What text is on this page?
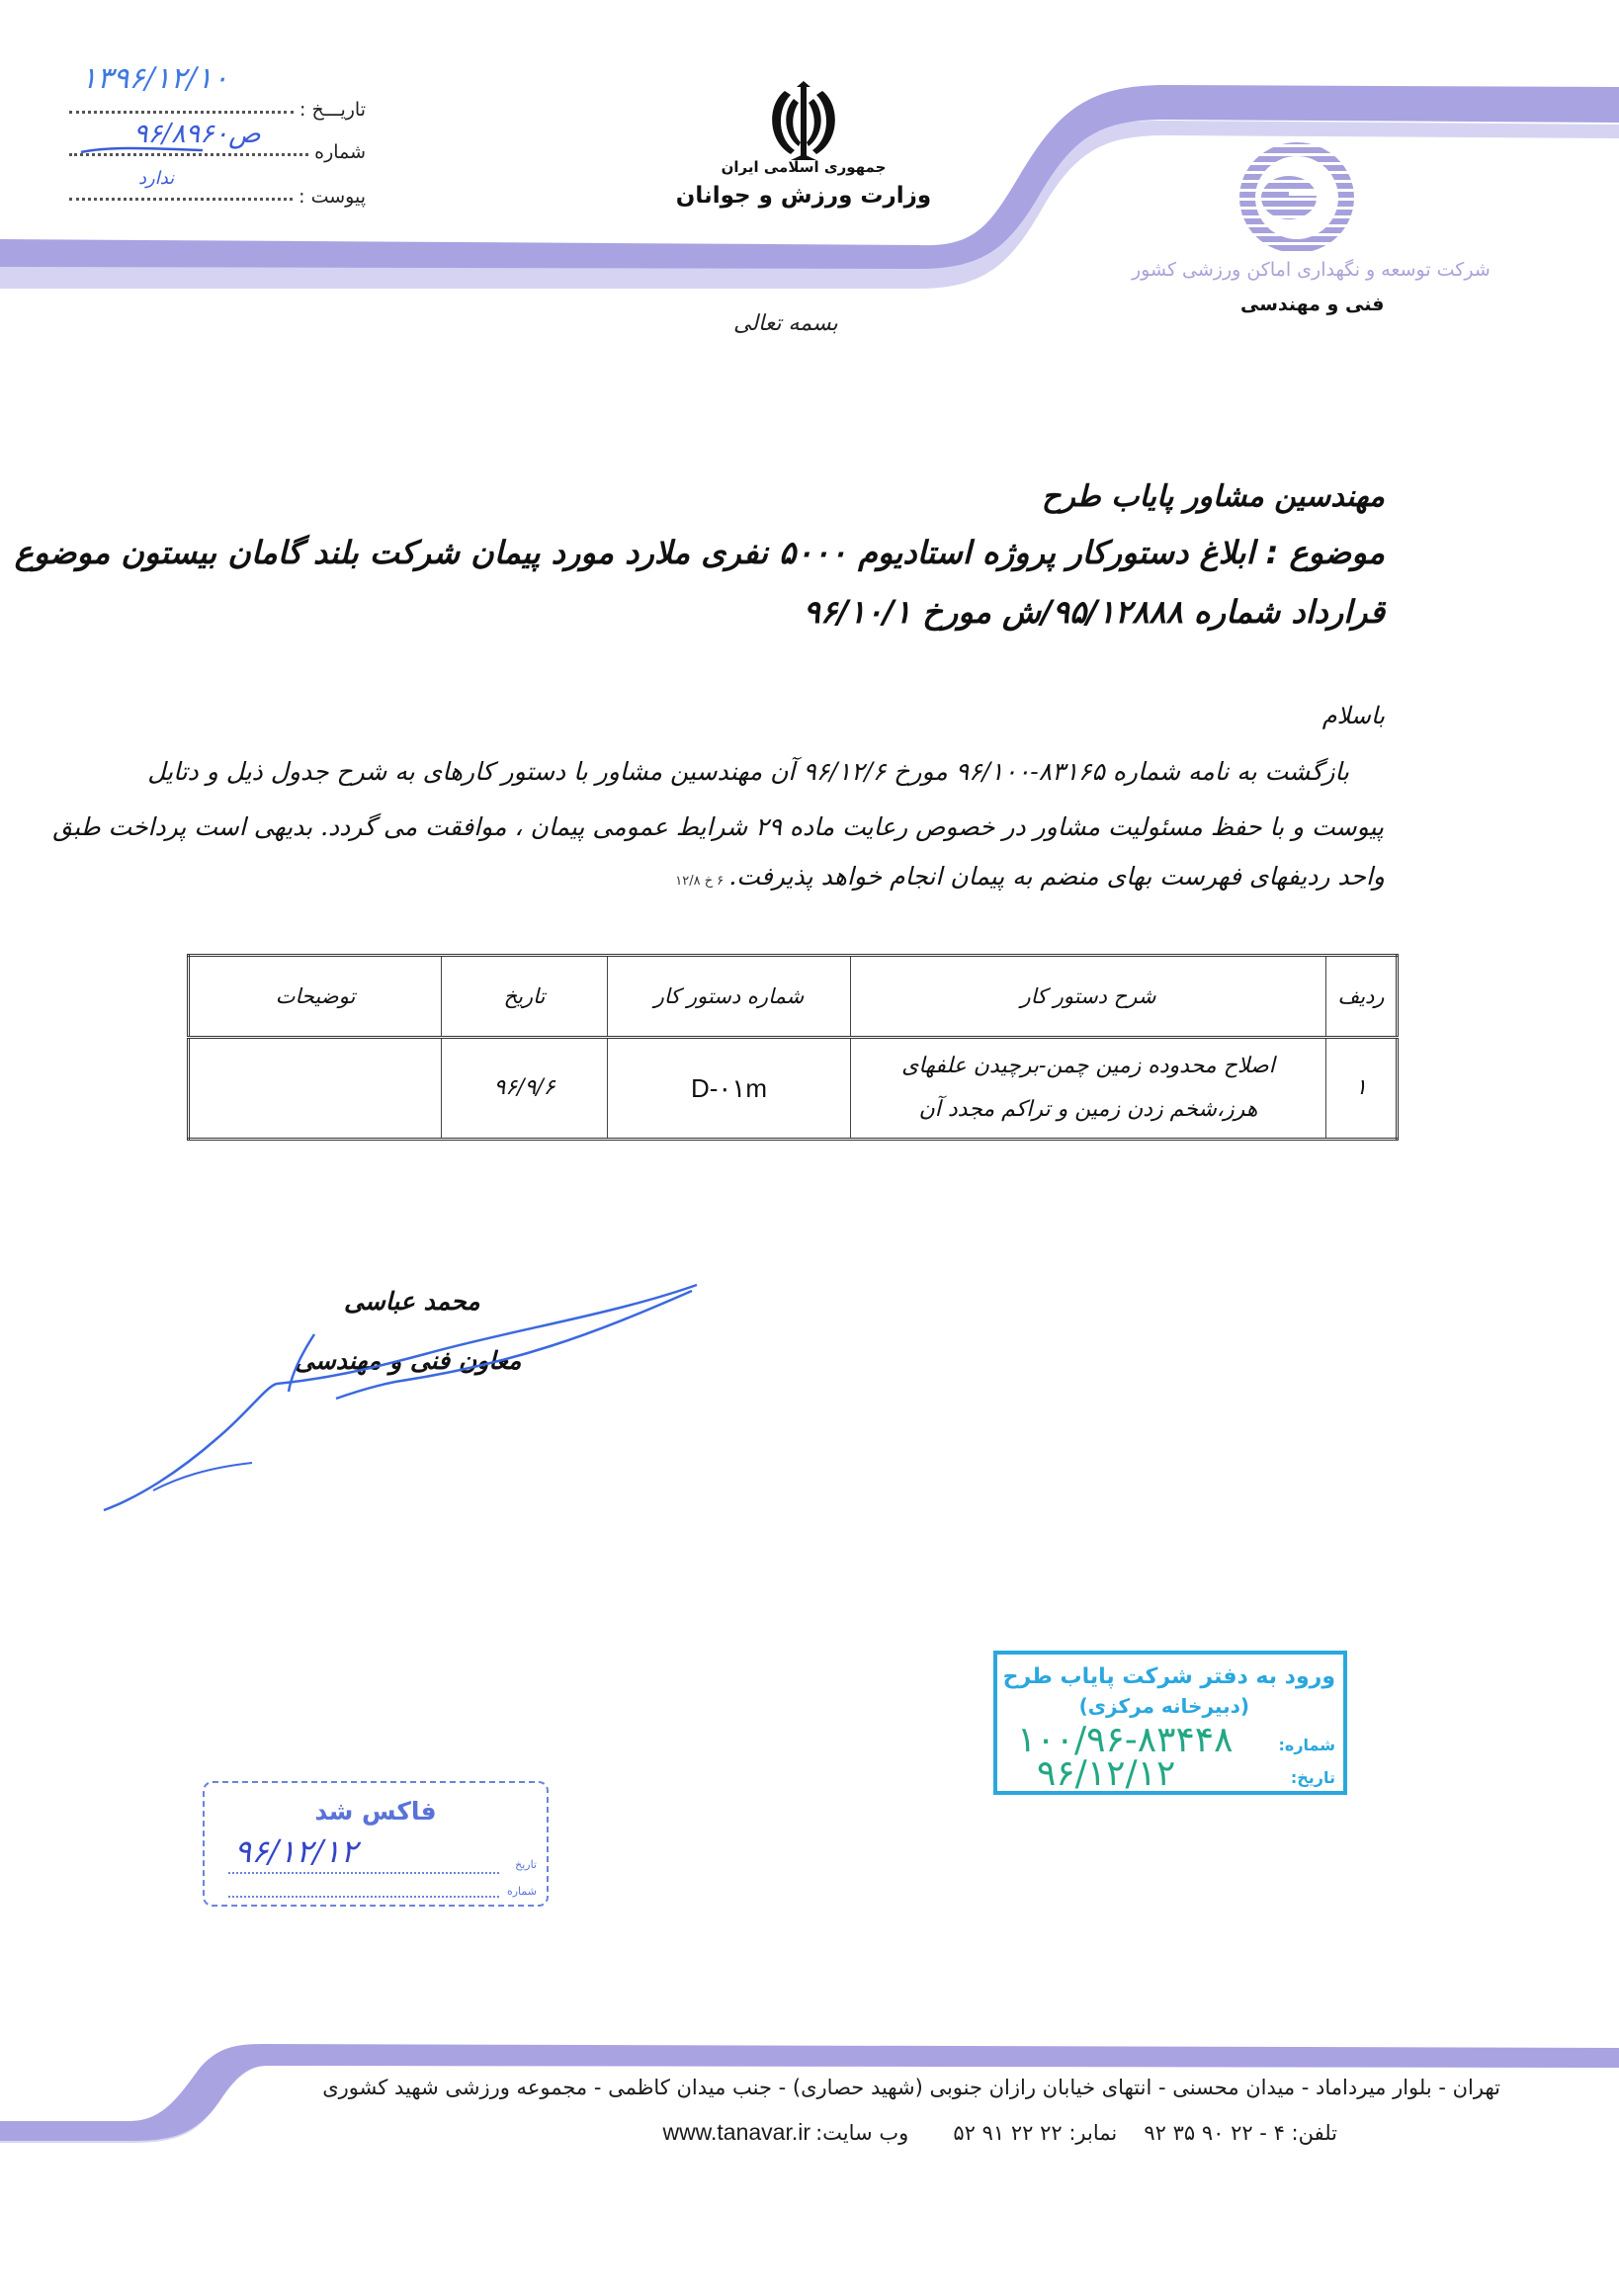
تاریـــخ :
۱۳۹۶/۱۲/۱۰
شماره
۹۶/۸۹۶۰ص
پیوست :
ندارد
جمهوری اسلامی ایران
وزارت ورزش و جوانان
شرکت توسعه و نگهداری اماکن ورزشی کشور
فنی و مهندسی
بسمه تعالی
مهندسین مشاور پایاب طرح
موضوع : ابلاغ دستورکار پروژه استادیوم ۵۰۰۰ نفری ملارد مورد پیمان شرکت بلند گامان بیستون موضوع
قرارداد شماره ۹۵/۱۲۸۸۸/ش مورخ ۹۶/۱۰/۱
باسلام
بازگشت به نامه شماره ۸۳۱۶۵-۹۶/۱۰۰ مورخ ۹۶/۱۲/۶ آن مهندسین مشاور با دستور کارهای به شرح جدول ذیل و دتایل
پیوست و با حفظ مسئولیت مشاور در خصوص رعایت ماده ۲۹ شرایط عمومی پیمان ، موافقت می گردد. بدیهی است پرداخت طبق
واحد ردیفهای فهرست بهای منضم به پیمان انجام خواهد پذیرفت. ۶ خ ۱۲/۸
ردیف	شرح دستور کار	شماره دستور کار	تاریخ	توضیحات
۱	اصلاح محدوده زمین چمن-برچیدن علفهای هرز،شخم زدن زمین و تراکم مجدد آن	D-۰۱m	۹۶/۹/۶	
محمد عباسی
معاون فنی و مهندسی
ورود به دفتر شرکت پایاب طرح
(دبیرخانه مرکزی)
شماره:
۱۰۰/۹۶-۸۳۴۴۸
تاریخ:
۹۶/۱۲/۱۲
فاکس شد
تاریخ
۹۶/۱۲/۱۲
شماره
تهران - بلوار میرداماد - میدان محسنی - انتهای خیابان رازان جنوبی (شهید حصاری) - جنب میدان کاظمی - مجموعه ورزشی شهید کشوری
تلفن: ۴ - ۲۲ ۹۰ ۳۵ ۹۲ نمابر: ۲۲ ۲۲ ۹۱ ۵۲ وب سایت: www.tanavar.ir
